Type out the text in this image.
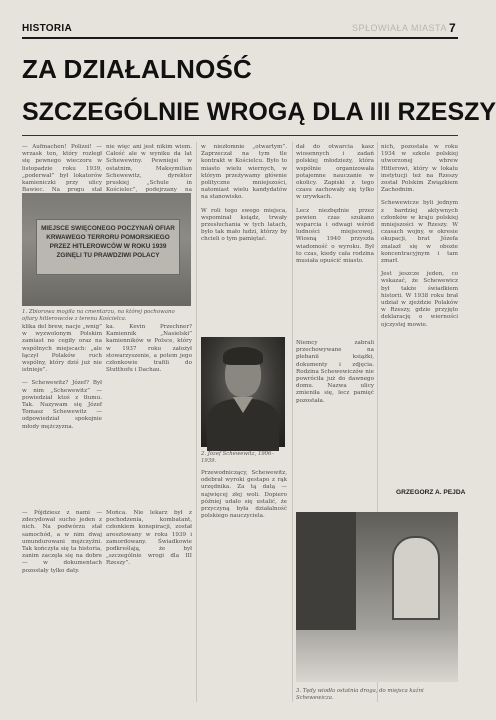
HISTORIA	SPŁOWIAŁA MIASTA 7
ZA DZIAŁALNOŚĆ
SZCZEGÓLNIE WROGĄ DLA III RZESZY
— Aufmachen! Polizei! — wrzask ten, który rozległ się pewnego wieczoru w listopadzie roku 1939, „poderwał” był lokatorów kamieniczki przy ulicy Bawiec. Na progu stał
nie więc ani jest nikim wiem. Całość ale w wyniku da lat Schewewiny. Pewniejsi w ostatnim, Maksymilian Schewewitz, dyrektor pruskiej „Schule in Kościelec”, podejrzany na
w niezłomnie „otwartym”. Zaprzeczał na tym tle kontrakt w Kościelcu. Było to miasto wielu wiernych, w którym przeżywamy głównie polityczne mniejszości, natomiast wielu kandydatów na stanowisko.
W roli tego swego miejsca, wspominał ksiądz, trwały przesłuchania w tych latach, było tak mało ludzi, którzy by chcieli o tym pamiętać.
dał do otwarcia kasz wiosennych i zadań polskiej młodzieży, która wspólnie organizowała potajemne nauczanie w okolicy. Zapiski z tego czasu zachowały się tylko w urywkach.
Lecz niezbędnie przez pewien czas szukano wsparcia i odwagi wśród ludności miejscowej. Wiosną 1940 przyszła wiadomość o wyroku. Był to czas, kiedy cała rodzina musiała opuścić miasto.
nich, pozostała w roku 1934 w szkole polskiej utworzonej wbrew Hitlerowi, który w lokalu instytucji też na Rzeszy został Polskim Związkiem Zachodnim.
Schewewicze byli jednym z bardziej aktywnych członków w kraju polskiej mniejszości w Rzeszy. W czasach wojny, w okresie okupacji, brat Józefa znalazł się w obozie koncentracyjnym i tam zmarł.
Jest jeszcze jeden, co wskazać, że Schewewicz był także świadkiem historii. W 1938 roku brał udział w zjeździe Polaków w Rzeszy, gdzie przyjęto deklarację o wierności ojczystej mowie.
MIEJSCE SWIĘCONEGO POCZYNAŃ OFIAR KRWAWEGO TERRORU POMORSKIEGO PRZEZ HITLEROWCÓW W ROKU 1939 ZGINĘLI TU PRAWDZIWI POLACY
1. Zbiorowa mogiła na cmentarzu, na której pochowano ofiary hitlerowców z terenu Kościelca.
klika del brew, nacje „wnig” w wyzwolonym Polskim zamiast ne cegiły oraz na wspólnych miejscach: „ale łączył Polaków ruch wspólny, który dziś już nie istnieje”.
— Schewewitz? Józef? Był w nim „Schewewitz” — powiedział ktoś z tłumu. Tak. Nazywam się Józef Tomasz Schewewitz — odpowiedział spokojnie młody mężczyzna.
ka. Kevin Przechner? Kamiennik „Nasielski” kamienników w Polsce, który w 1937 roku założył stowarzyszenie, a potem jego członkowie trafili do Stutthofu i Dachau.
2. Józef Schewewitz, 1906–1939.
Niemcy zabrali przechowywane na plebanii książki, dokumenty i zdjęcia. Rodzina Schewewiczów nie powróciła już do dawnego domu. Nazwa ulicy zmieniła się, lecz pamięć pozostała.
GRZEGORZ A. PEJDA
— Pójdziesz z nami — zdecydował sucho jeden z nich. Na podwórzu stał samochód, a w nim dwaj umundurowani mężczyźni. Tak kończyła się ta historia, zanim zaczęła się na dobre — w dokumentach pozostały tylko daty.
Mońca. Nie lekarz był z pochodzenia, kombatant, członkiem konspiracji, został aresztowany w roku 1939 i zamordowany. Świadkowie podkreślają, że był „szczególnie wrogi dla III Rzeszy”.
Przewodniczący, Schewewitz, odebrał wyroki gestapo z rąk urzędnika. Za tą datą — najwięcej złej woli. Dopiero później udało się ustalić, że przyczyną była działalność polskiego nauczyciela.
3. Tędy wiodła ostatnia droga, do miejsca kaźni Schewewicza.
